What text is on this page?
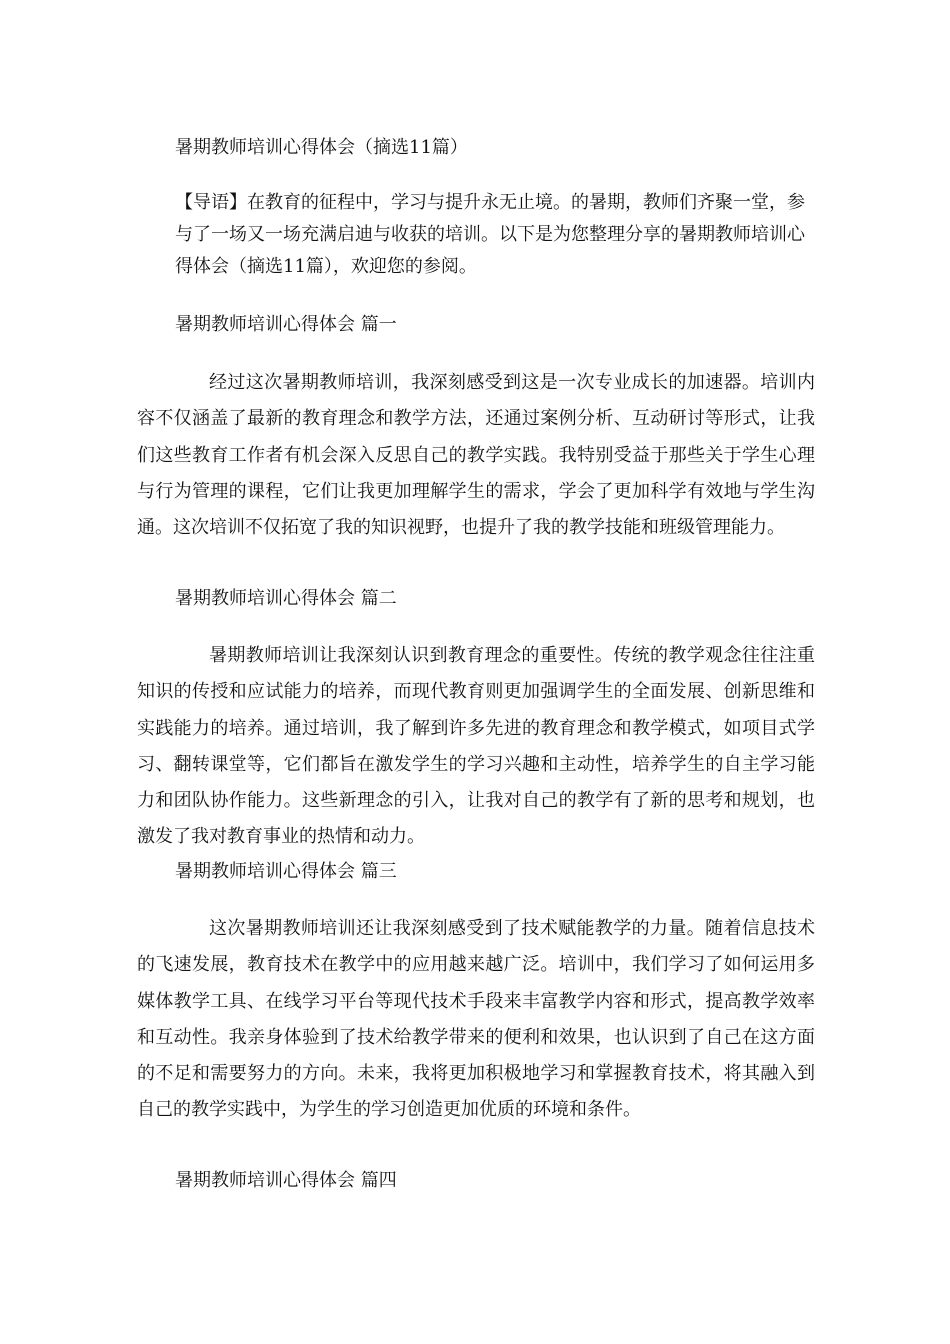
暑期教师培训心得体会（摘选11篇）

【导语】在教育的征程中，学习与提升永无止境。的暑期，教师们齐聚一堂，参与了一场又一场充满启迪与收获的培训。以下是为您整理分享的暑期教师培训心得体会（摘选11篇），欢迎您的参阅。

暑期教师培训心得体会 篇一

经过这次暑期教师培训，我深刻感受到这是一次专业成长的加速器。培训内容不仅涵盖了最新的教育理念和教学方法，还通过案例分析、互动研讨等形式，让我们这些教育工作者有机会深入反思自己的教学实践。我特别受益于那些关于学生心理与行为管理的课程，它们让我更加理解学生的需求，学会了更加科学有效地与学生沟通。这次培训不仅拓宽了我的知识视野，也提升了我的教学技能和班级管理能力。

暑期教师培训心得体会 篇二

暑期教师培训让我深刻认识到教育理念的重要性。传统的教学观念往往注重知识的传授和应试能力的培养，而现代教育则更加强调学生的全面发展、创新思维和实践能力的培养。通过培训，我了解到许多先进的教育理念和教学模式，如项目式学习、翻转课堂等，它们都旨在激发学生的学习兴趣和主动性，培养学生的自主学习能力和团队协作能力。这些新理念的引入，让我对自己的教学有了新的思考和规划，也激发了我对教育事业的热情和动力。

暑期教师培训心得体会 篇三

这次暑期教师培训还让我深刻感受到了技术赋能教学的力量。随着信息技术的飞速发展，教育技术在教学中的应用越来越广泛。培训中，我们学习了如何运用多媒体教学工具、在线学习平台等现代技术手段来丰富教学内容和形式，提高教学效率和互动性。我亲身体验到了技术给教学带来的便利和效果，也认识到了自己在这方面的不足和需要努力的方向。未来，我将更加积极地学习和掌握教育技术，将其融入到自己的教学实践中，为学生的学习创造更加优质的环境和条件。

暑期教师培训心得体会 篇四
